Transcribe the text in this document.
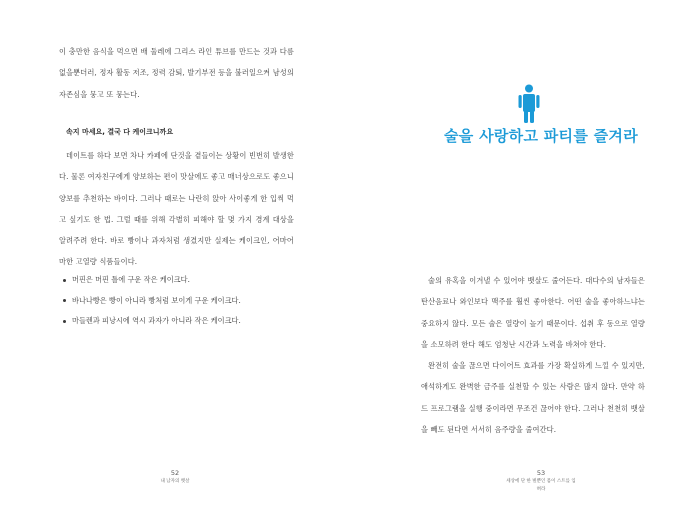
이 충만한 음식을 먹으면 배 둘레에 그리스 라인 튜브를 만드는 것과 다름없을뿐더러, 정자 활동 저조, 정력 감퇴, 발기부전 등을 불러일으켜 남성의 자존심을 뭉고 또 뭉는다.

속지 마세요, 결국 다 케이크니까요

데이트를 하다 보면 차나 카페에 단것을 곁들이는 상황이 빈번히 발생한다. 물론 여자친구에게 양보하는 편이 맛살에도 좋고 매너상으로도 좋으니 양보를 추천하는 바이다. 그러나 때로는 나란히 앉아 사이좋게 한 입씩 먹고 싶기도 한 법. 그럴 때를 위해 각별히 피해야 할 몇 가지 경계 대상을 알려주려 한다. 바로 빵이나 과자처럼 생겼지만 실제는 케이크인, 어마어마한 고열량 식품들이다.

머핀은 머핀 틀에 구운 작은 케이크다.
바나나빵은 빵이 아니라 빵처럼 보이게 구운 케이크다.
마들렌과 피낭시에 역시 과자가 아니라 작은 케이크다.
52
내 남자의 뱃살
술을 사랑하고 파티를 즐겨라

술의 유혹을 이겨낼 수 있어야 뱃살도 줄어든다. 대다수의 남자들은 탄산음료나 와인보다 맥주를 훨씬 좋아한다. 어떤 술을 좋아하느냐는 중요하지 않다. 모든 술은 열량이 높기 때문이다. 섭취 후 동으로 열량을 소모하려 한다 해도 엄청난 시간과 노력을 바쳐야 한다.

완전히 술을 끊으면 다이어트 효과를 가장 확실하게 느낄 수 있지만, 애석하게도 완벽한 금주를 실천할 수 있는 사람은 많지 않다. 만약 하드 프로그램을 실행 중이라면 무조건 끊어야 한다. 그러나 천천히 뱃살을 빼도 된다면 서서히 음주량을 줄여간다.

53
세상에 단 한 벌뿐인 몸이 스트를 입혀라
